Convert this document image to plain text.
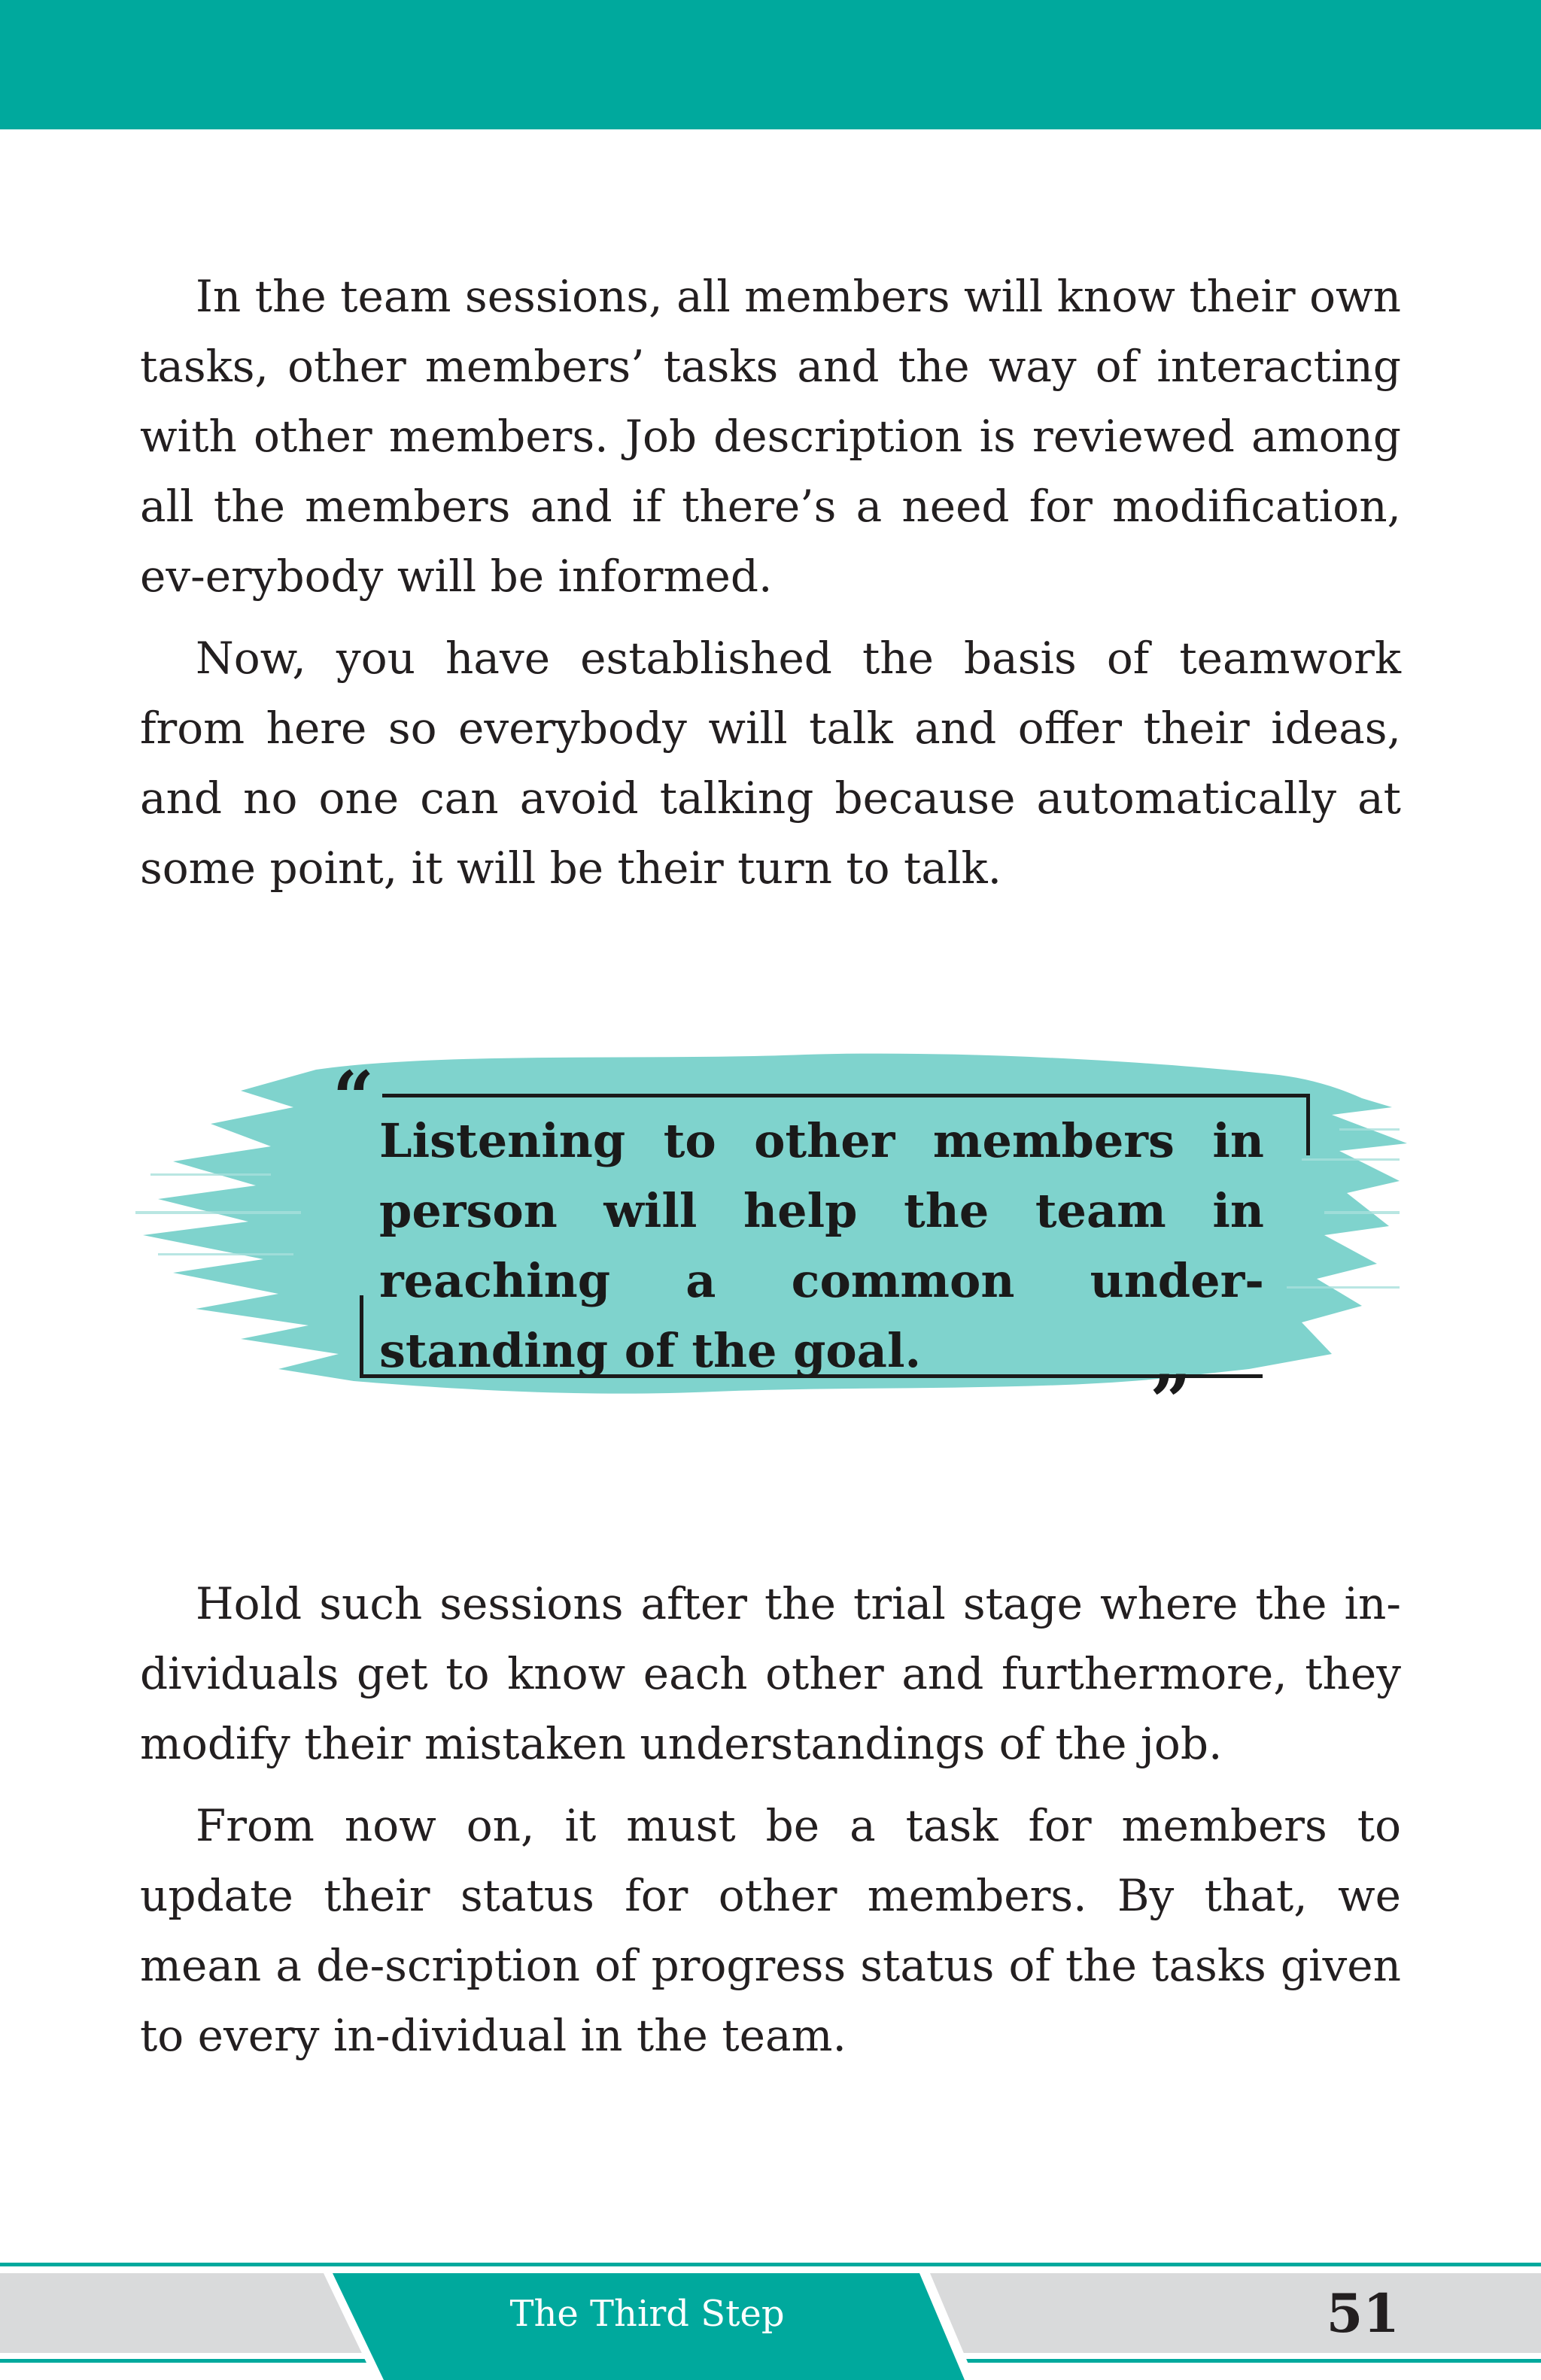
In the team sessions, all members will know their own tasks, other members’ tasks and the way of interacting with other members. Job description is reviewed among all the members and if there’s a need for modification, ev-erybody will be informed.

Now, you have established the basis of teamwork from here so everybody will talk and offer their ideas, and no one can avoid talking because automatically at some point, it will be their turn to talk.

“

Listening to other members in person will help the team in reaching a common under-standing of the goal.

”

Hold such sessions after the trial stage where the in-dividuals get to know each other and furthermore, they modify their mistaken understandings of the job.

From now on, it must be a task for members to update their status for other members. By that, we mean a de-scription of progress status of the tasks given to every in-dividual in the team.

The Third Step	51
